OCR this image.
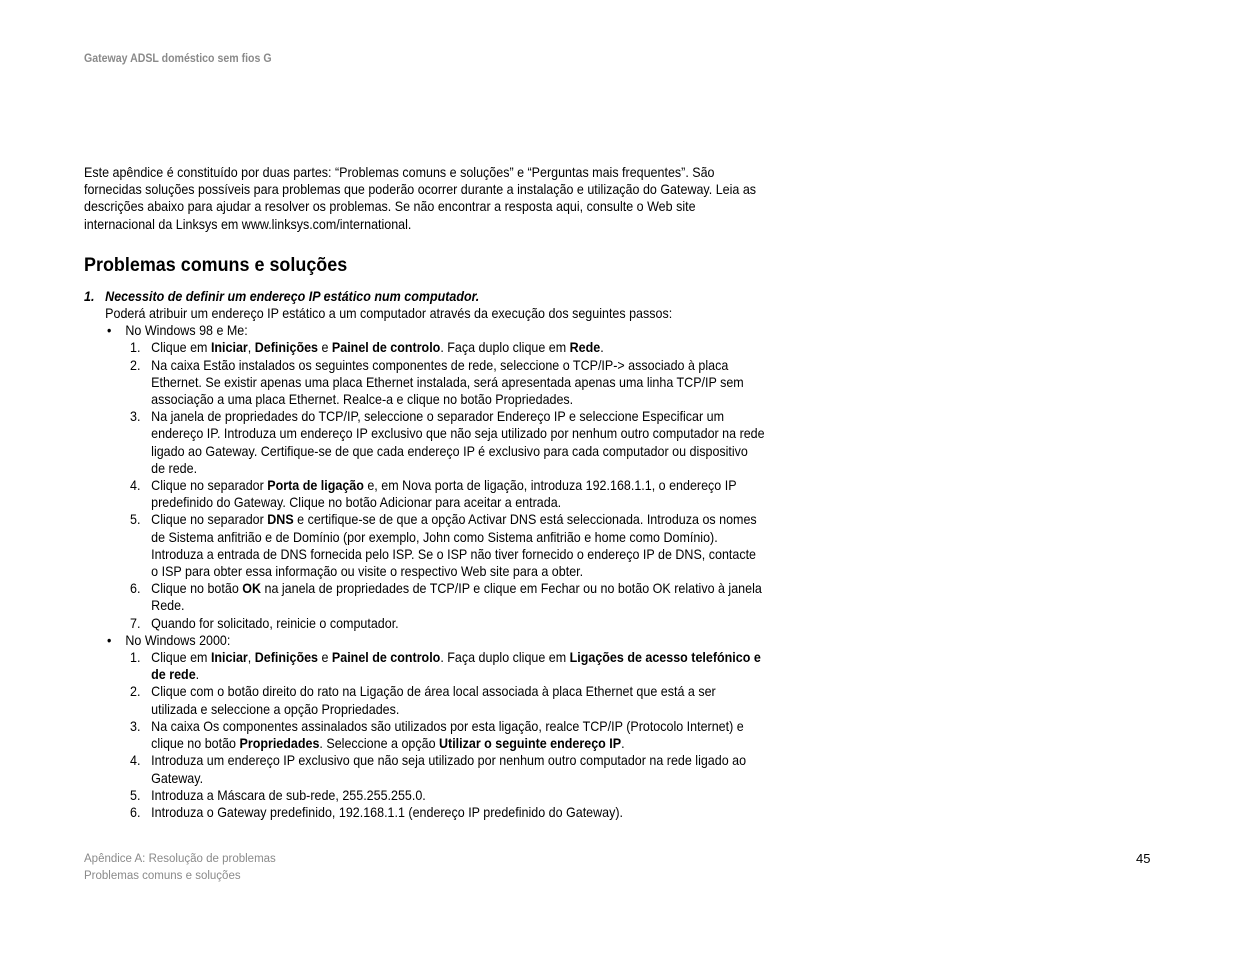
Gateway ADSL doméstico sem fios G

Este apêndice é constituído por duas partes: “Problemas comuns e soluções” e “Perguntas mais frequentes”. São fornecidas soluções possíveis para problemas que poderão ocorrer durante a instalação e utilização do Gateway. Leia as descrições abaixo para ajudar a resolver os problemas. Se não encontrar a resposta aqui, consulte o Web site internacional da Linksys em www.linksys.com/international.

Problemas comuns e soluções
1. Necessito de definir um endereço IP estático num computador.

Poderá atribuir um endereço IP estático a um computador através da execução dos seguintes passos:

• No Windows 98 e Me:
1. Clique em Iniciar, Definições e Painel de controlo. Faça duplo clique em Rede.
2. Na caixa Estão instalados os seguintes componentes de rede, seleccione o TCP/IP-> associado à placa Ethernet. Se existir apenas uma placa Ethernet instalada, será apresentada apenas uma linha TCP/IP sem associação a uma placa Ethernet. Realce-a e clique no botão Propriedades.
3. Na janela de propriedades do TCP/IP, seleccione o separador Endereço IP e seleccione Especificar um endereço IP. Introduza um endereço IP exclusivo que não seja utilizado por nenhum outro computador na rede ligado ao Gateway. Certifique-se de que cada endereço IP é exclusivo para cada computador ou dispositivo de rede.
4. Clique no separador Porta de ligação e, em Nova porta de ligação, introduza 192.168.1.1, o endereço IP predefinido do Gateway. Clique no botão Adicionar para aceitar a entrada.
5. Clique no separador DNS e certifique-se de que a opção Activar DNS está seleccionada. Introduza os nomes de Sistema anfitrião e de Domínio (por exemplo, John como Sistema anfitrião e home como Domínio). Introduza a entrada de DNS fornecida pelo ISP. Se o ISP não tiver fornecido o endereço IP de DNS, contacte o ISP para obter essa informação ou visite o respectivo Web site para a obter.
6. Clique no botão OK na janela de propriedades de TCP/IP e clique em Fechar ou no botão OK relativo à janela Rede.
7. Quando for solicitado, reinicie o computador.
• No Windows 2000:
1. Clique em Iniciar, Definições e Painel de controlo. Faça duplo clique em Ligações de acesso telefónico e de rede.
2. Clique com o botão direito do rato na Ligação de área local associada à placa Ethernet que está a ser utilizada e seleccione a opção Propriedades.
3. Na caixa Os componentes assinalados são utilizados por esta ligação, realce TCP/IP (Protocolo Internet) e clique no botão Propriedades. Seleccione a opção Utilizar o seguinte endereço IP.
4. Introduza um endereço IP exclusivo que não seja utilizado por nenhum outro computador na rede ligado ao Gateway.
5. Introduza a Máscara de sub-rede, 255.255.255.0.
6. Introduza o Gateway predefinido, 192.168.1.1 (endereço IP predefinido do Gateway).
Apêndice A: Resolução de problemas
Problemas comuns e soluções
45
